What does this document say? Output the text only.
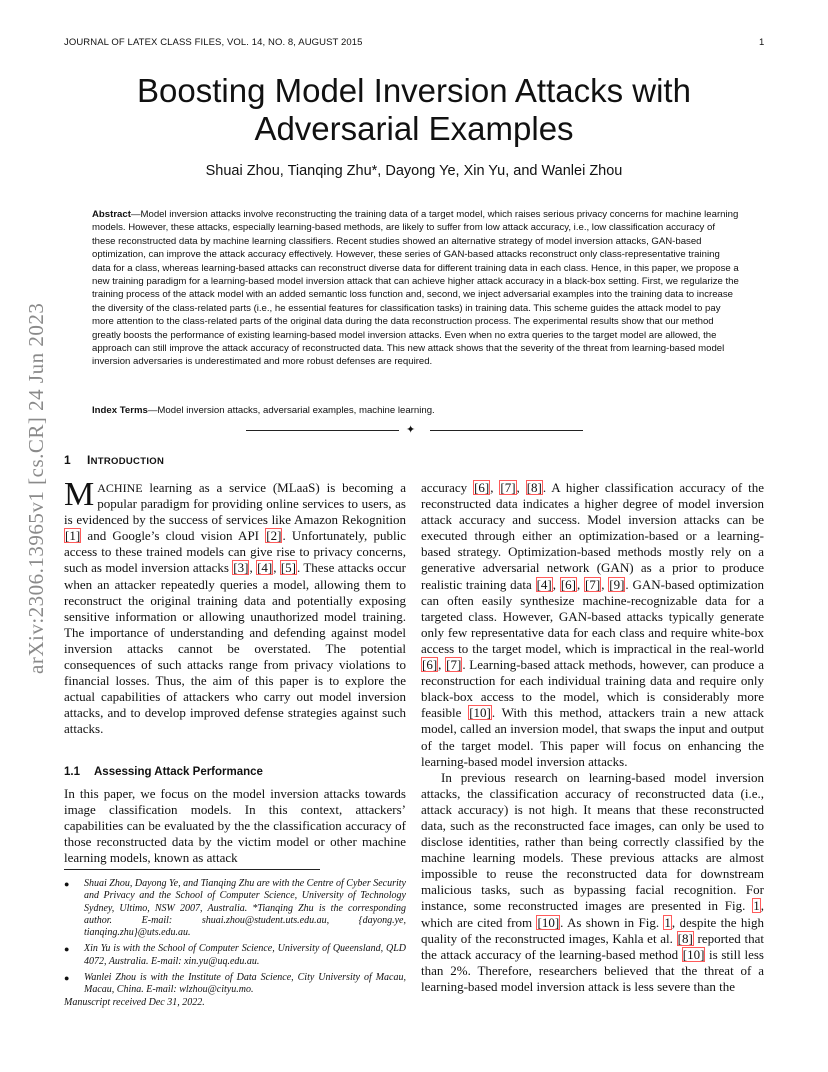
JOURNAL OF LATEX CLASS FILES, VOL. 14, NO. 8, AUGUST 2015	1
arXiv:2306.13965v1 [cs.CR] 24 Jun 2023
Boosting Model Inversion Attacks with
Adversarial Examples
Shuai Zhou, Tianqing Zhu*, Dayong Ye, Xin Yu, and Wanlei Zhou
Abstract—Model inversion attacks involve reconstructing the training data of a target model, which raises serious privacy concerns for machine learning models. However, these attacks, especially learning-based methods, are likely to suffer from low attack accuracy, i.e., low classification accuracy of these reconstructed data by machine learning classifiers. Recent studies showed an alternative strategy of model inversion attacks, GAN-based optimization, can improve the attack accuracy effectively. However, these series of GAN-based attacks reconstruct only class-representative training data for a class, whereas learning-based attacks can reconstruct diverse data for different training data in each class. Hence, in this paper, we propose a new training paradigm for a learning-based model inversion attack that can achieve higher attack accuracy in a black-box setting. First, we regularize the training process of the attack model with an added semantic loss function and, second, we inject adversarial examples into the training data to increase the diversity of the class-related parts (i.e., he essential features for classification tasks) in training data. This scheme guides the attack model to pay more attention to the class-related parts of the original data during the data reconstruction process. The experimental results show that our method greatly boosts the performance of existing learning-based model inversion attacks. Even when no extra queries to the target model are allowed, the approach can still improve the attack accuracy of reconstructed data. This new attack shows that the severity of the threat from learning-based model inversion adversaries is underestimated and more robust defenses are required.
Index Terms—Model inversion attacks, adversarial examples, machine learning.
✦
1 INTRODUCTION

MACHINE learning as a service (MLaaS) is becoming a popular paradigm for providing online services to users, as is evidenced by the success of services like Amazon Rekognition [1] and Google’s cloud vision API [2]. Unfortunately, public access to these trained models can give rise to privacy concerns, such as model inversion attacks [3], [4], [5]. These attacks occur when an attacker repeatedly queries a model, allowing them to reconstruct the original training data and potentially exposing sensitive information or allowing unauthorized model training. The importance of understanding and defending against model inversion attacks cannot be overstated. The potential consequences of such attacks range from privacy violations to financial losses. Thus, the aim of this paper is to explore the actual capabilities of attackers who carry out model inversion attacks, and to develop improved defense strategies against such attacks.

1.1 Assessing Attack Performance

In this paper, we focus on the model inversion attacks towards image classification models. In this context, attackers’ capabilities can be evaluated by the the classification accuracy of those reconstructed data by the victim model or other machine learning models, known as attack

● Shuai Zhou, Dayong Ye, and Tianqing Zhu are with the Centre of Cyber Security and Privacy and the School of Computer Science, University of Technology Sydney, Ultimo, NSW 2007, Australia. *Tianqing Zhu is the corresponding author. E-mail: shuai.zhou@student.uts.edu.au, {dayong.ye, tianqing.zhu}@uts.edu.au.
● Xin Yu is with the School of Computer Science, University of Queensland, QLD 4072, Australia. E-mail: xin.yu@uq.edu.au.
● Wanlei Zhou is with the Institute of Data Science, City University of Macau, Macau, China. E-mail: wlzhou@cityu.mo.
Manuscript received Dec 31, 2022.

accuracy [6], [7], [8]. A higher classification accuracy of the reconstructed data indicates a higher degree of model inversion attack accuracy and success. Model inversion attacks can be executed through either an optimization-based or a learning-based strategy. Optimization-based methods mostly rely on a generative adversarial network (GAN) as a prior to produce realistic training data [4], [6], [7], [9]. GAN-based optimization can often easily synthesize machine-recognizable data for a targeted class. However, GAN-based attacks typically generate only few representative data for each class and require white-box access to the target model, which is impractical in the real-world [6], [7]. Learning-based attack methods, however, can produce a reconstruction for each individual training data and require only black-box access to the model, which is considerably more feasible [10]. With this method, attackers train a new attack model, called an inversion model, that swaps the input and output of the target model. This paper will focus on enhancing the learning-based model inversion attacks.

In previous research on learning-based model inversion attacks, the classification accuracy of reconstructed data (i.e., attack accuracy) is not high. It means that these reconstructed data, such as the reconstructed face images, can only be used to disclose identities, rather than being correctly classified by the machine learning models. These previous attacks are almost impossible to reuse the reconstructed data for downstream malicious tasks, such as bypassing facial recognition. For instance, some reconstructed images are presented in Fig. 1, which are cited from [10]. As shown in Fig. 1, despite the high quality of the reconstructed images, Kahla et al. [8] reported that the attack accuracy of the learning-based method [10] is still less than 2%. Therefore, researchers believed that the threat of a learning-based model inversion attack is less severe than the
